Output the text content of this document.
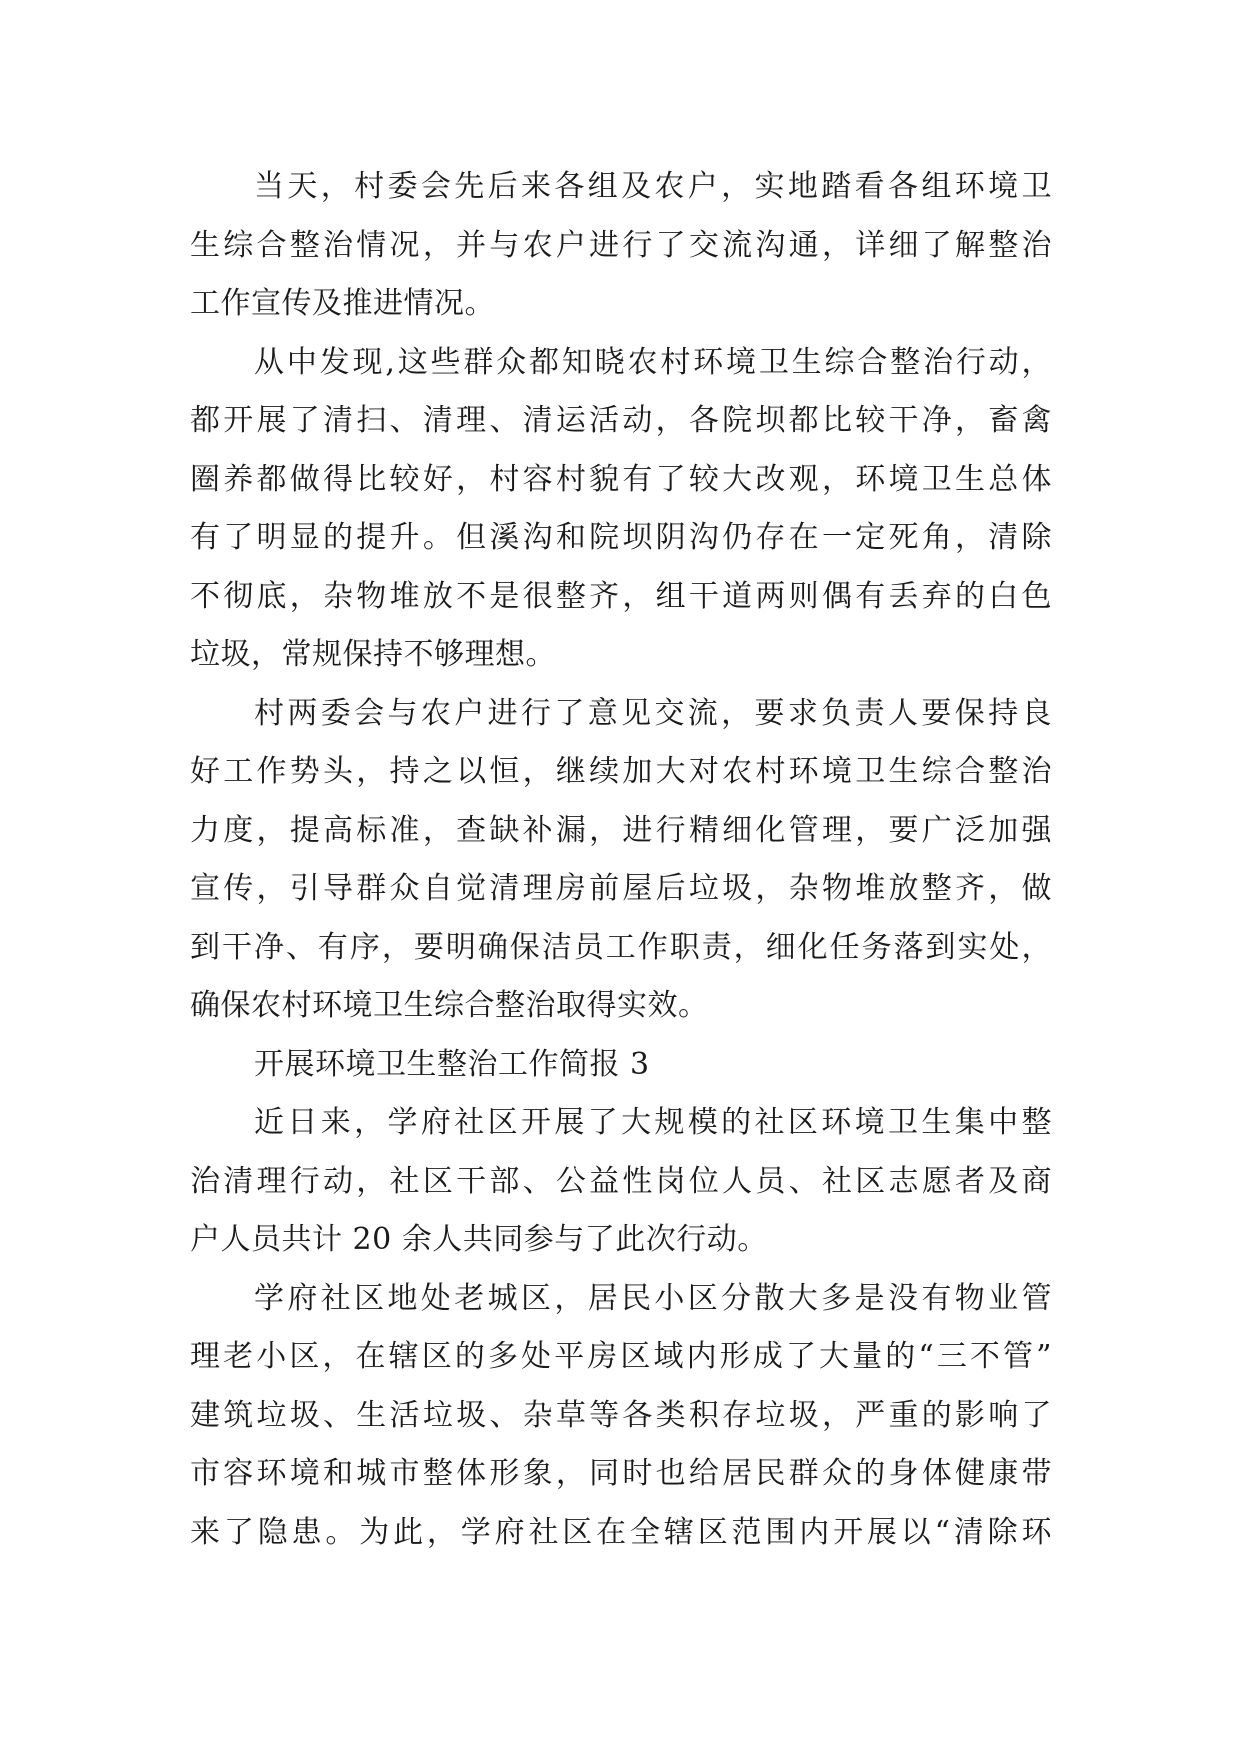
当天，村委会先后来各组及农户，实地踏看各组环境卫
生综合整治情况，并与农户进行了交流沟通，详细了解整治
工作宣传及推进情况。
从中发现,这些群众都知晓农村环境卫生综合整治行动，
都开展了清扫、清理、清运活动，各院坝都比较干净，畜禽
圈养都做得比较好，村容村貌有了较大改观，环境卫生总体
有了明显的提升。但溪沟和院坝阴沟仍存在一定死角，清除
不彻底，杂物堆放不是很整齐，组干道两则偶有丢弃的白色
垃圾，常规保持不够理想。
村两委会与农户进行了意见交流，要求负责人要保持良
好工作势头，持之以恒，继续加大对农村环境卫生综合整治
力度，提高标准，查缺补漏，进行精细化管理，要广泛加强
宣传，引导群众自觉清理房前屋后垃圾，杂物堆放整齐，做
到干净、有序，要明确保洁员工作职责，细化任务落到实处，
确保农村环境卫生综合整治取得实效。
开展环境卫生整治工作简报 3
近日来，学府社区开展了大规模的社区环境卫生集中整
治清理行动，社区干部、公益性岗位人员、社区志愿者及商
户人员共计 20 余人共同参与了此次行动。
学府社区地处老城区，居民小区分散大多是没有物业管
理老小区，在辖区的多处平房区域内形成了大量的“三不管”
建筑垃圾、生活垃圾、杂草等各类积存垃圾，严重的影响了
市容环境和城市整体形象，同时也给居民群众的身体健康带
来了隐患。为此，学府社区在全辖区范围内开展以“清除环
